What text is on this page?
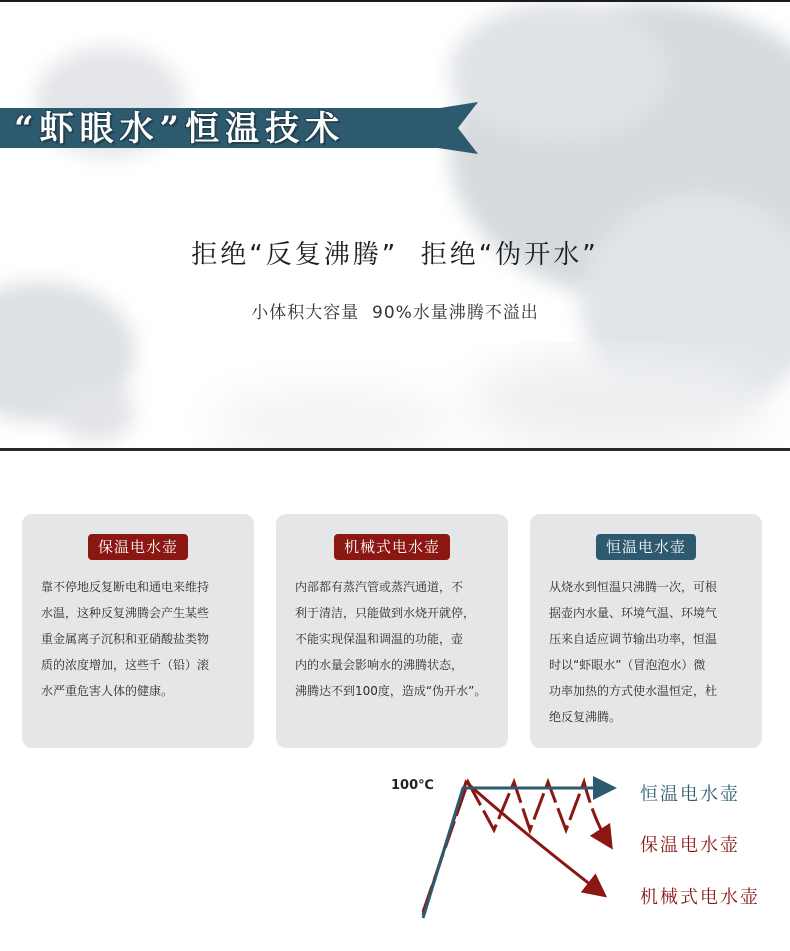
“虾眼水”恒温技术
拒绝“反复沸腾”  拒绝“伪开水”
小体积大容量  90%水量沸腾不溢出
保温电水壶
靠不停地反复断电和通电来维持
水温，这种反复沸腾会产生某些
重金属离子沉积和亚硝酸盐类物
质的浓度增加，这些千（铅）滚
水严重危害人体的健康。
机械式电水壶
内部都有蒸汽管或蒸汽通道，不
利于清洁，只能做到水烧开就停，
不能实现保温和调温的功能，壶
内的水量会影响水的沸腾状态，
沸腾达不到100度，造成“伪开水”。
恒温电水壶
从烧水到恒温只沸腾一次，可根
据壶内水量、环境气温、环境气
压来自适应调节输出功率，恒温
时以“虾眼水”（冒泡泡水）微
功率加热的方式使水温恒定，杜
绝反复沸腾。
100℃	恒温电水壶
保温电水壶
机械式电水壶
